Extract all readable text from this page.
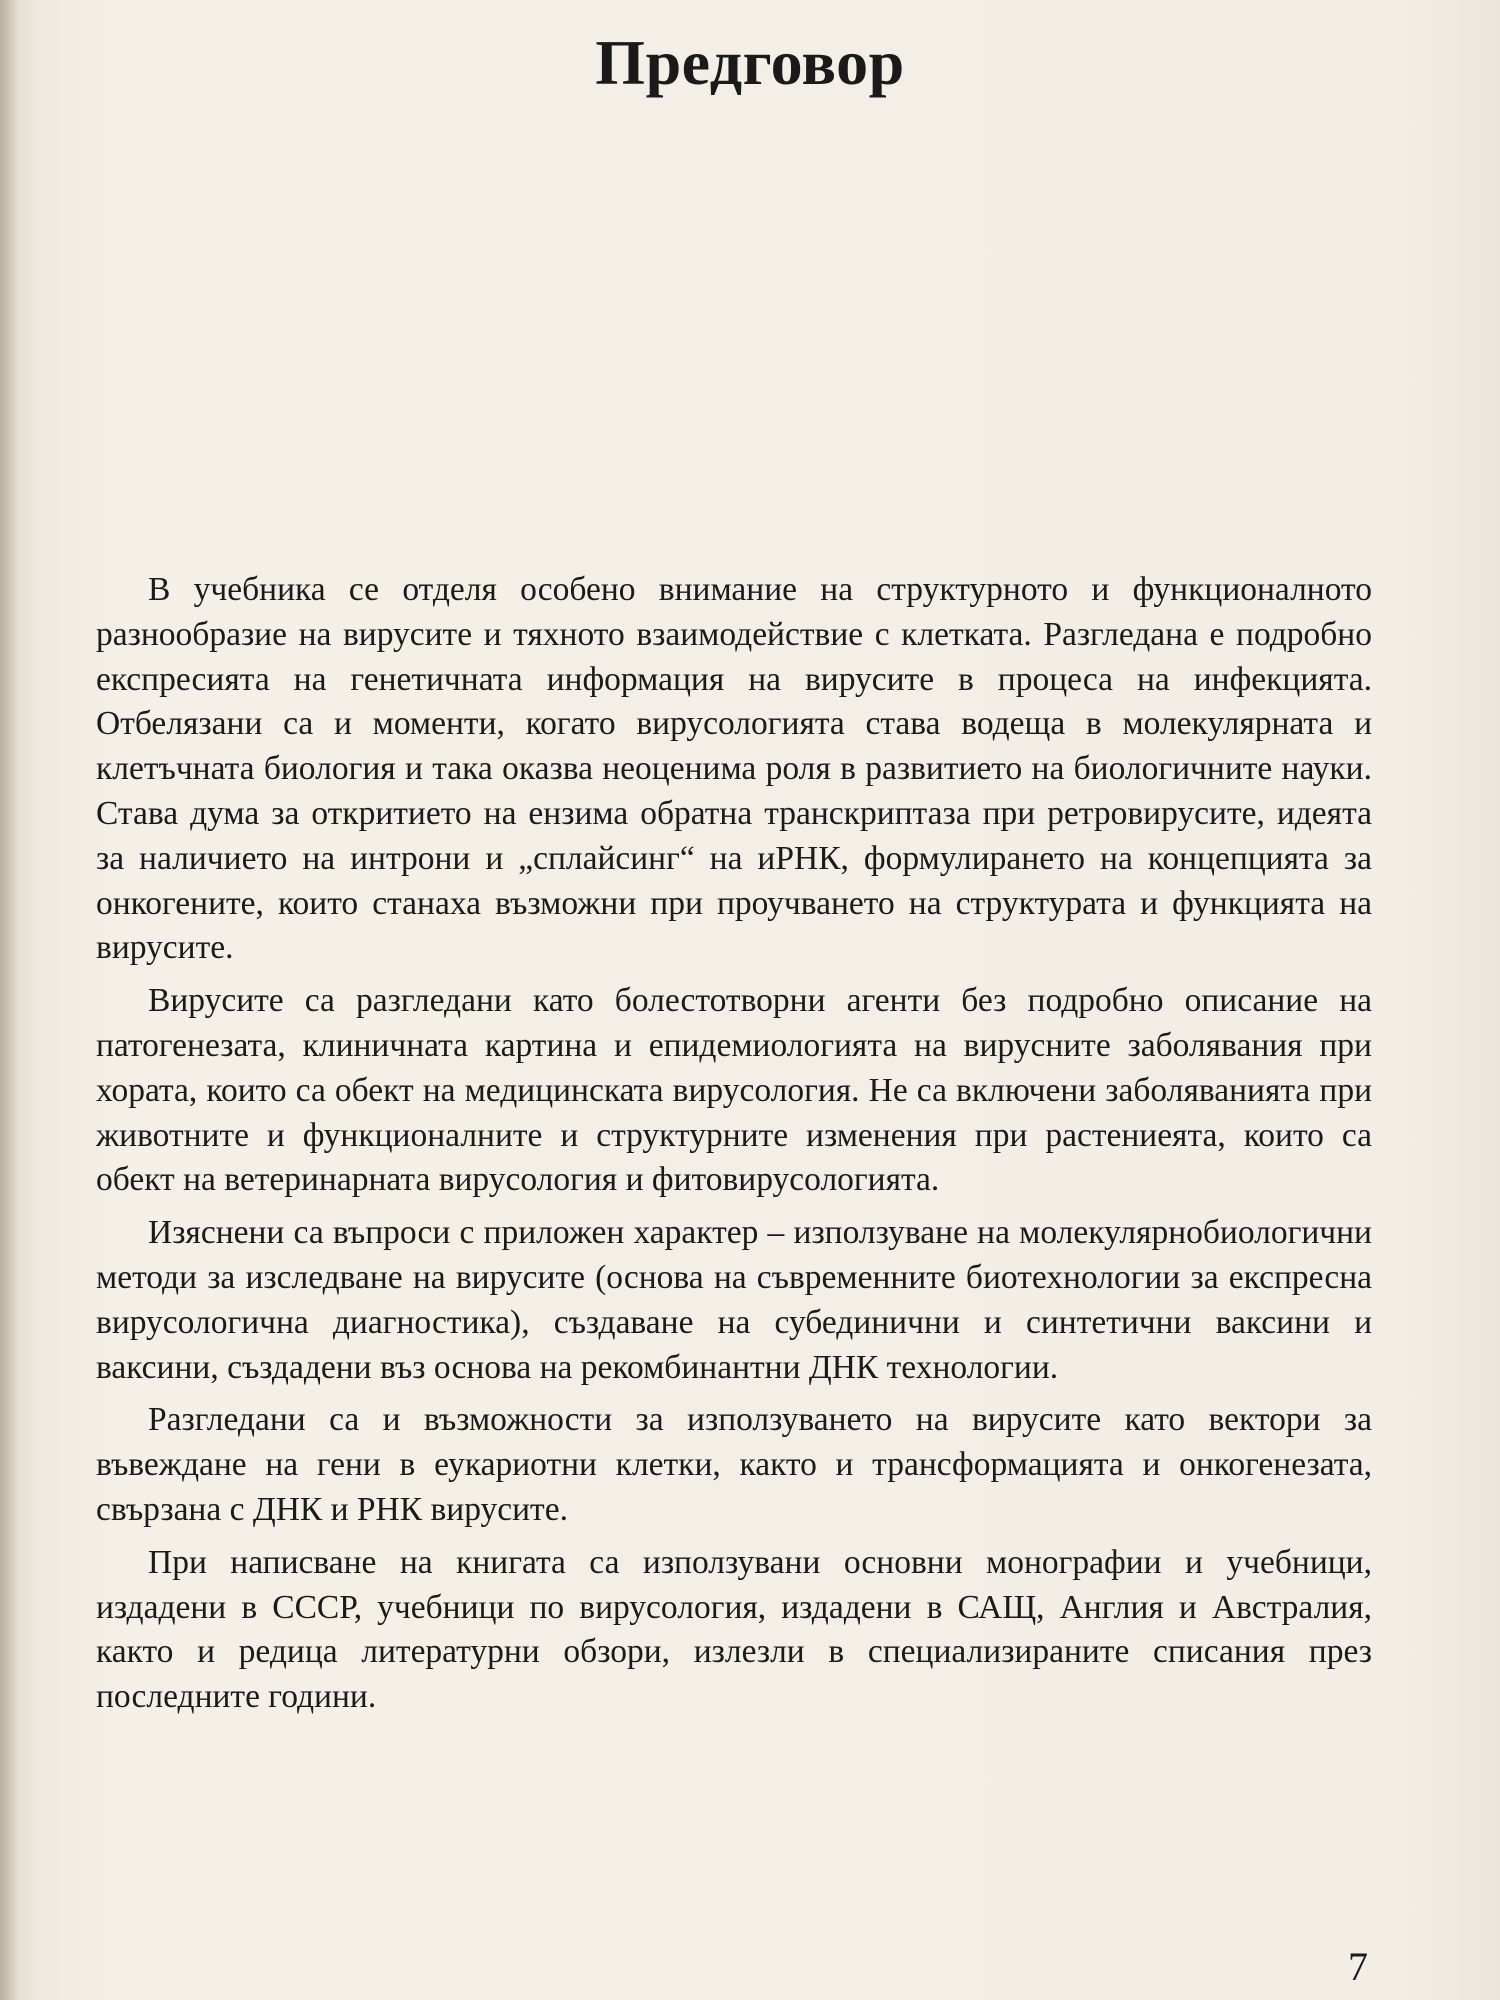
Предговор

В учебника се отделя особено внимание на структурното и функционалното разнообразие на вирусите и тяхното взаимодействие с клетката. Разгледана е подробно експресията на генетичната информация на вирусите в процеса на инфекцията. Отбелязани са и моменти, когато вирусологията става водеща в молекулярната и клетъчната биология и така оказва неоценима роля в развитието на биологичните науки. Става дума за откритието на ензима обратна транскриптаза при ретровирусите, идеята за наличието на интрони и „сплайсинг“ на иРНК, формулирането на концепцията за онкогените, които станаха възможни при проучването на структурата и функцията на вирусите.

Вирусите са разгледани като болестотворни агенти без подробно описание на патогенезата, клиничната картина и епидемиологията на вирусните заболявания при хората, които са обект на медицинската вирусология. Не са включени заболяванията при животните и функционалните и структурните изменения при растениеята, които са обект на ветеринарната вирусология и фитовирусологията.

Изяснени са въпроси с приложен характер – използуване на молекулярнобиологични методи за изследване на вирусите (основа на съвременните биотехнологии за експресна вирусологична диагностика), създаване на субединични и синтетични ваксини и ваксини, създадени въз основа на рекомбинантни ДНК технологии.

Разгледани са и възможности за използуването на вирусите като вектори за въвеждане на гени в еукариотни клетки, както и трансформацията и онкогенезата, свързана с ДНК и РНК вирусите.

При написване на книгата са използувани основни монографии и учебници, издадени в СССР, учебници по вирусология, издадени в САЩ, Англия и Австралия, както и редица литературни обзори, излезли в специализираните списания през последните години.

7
